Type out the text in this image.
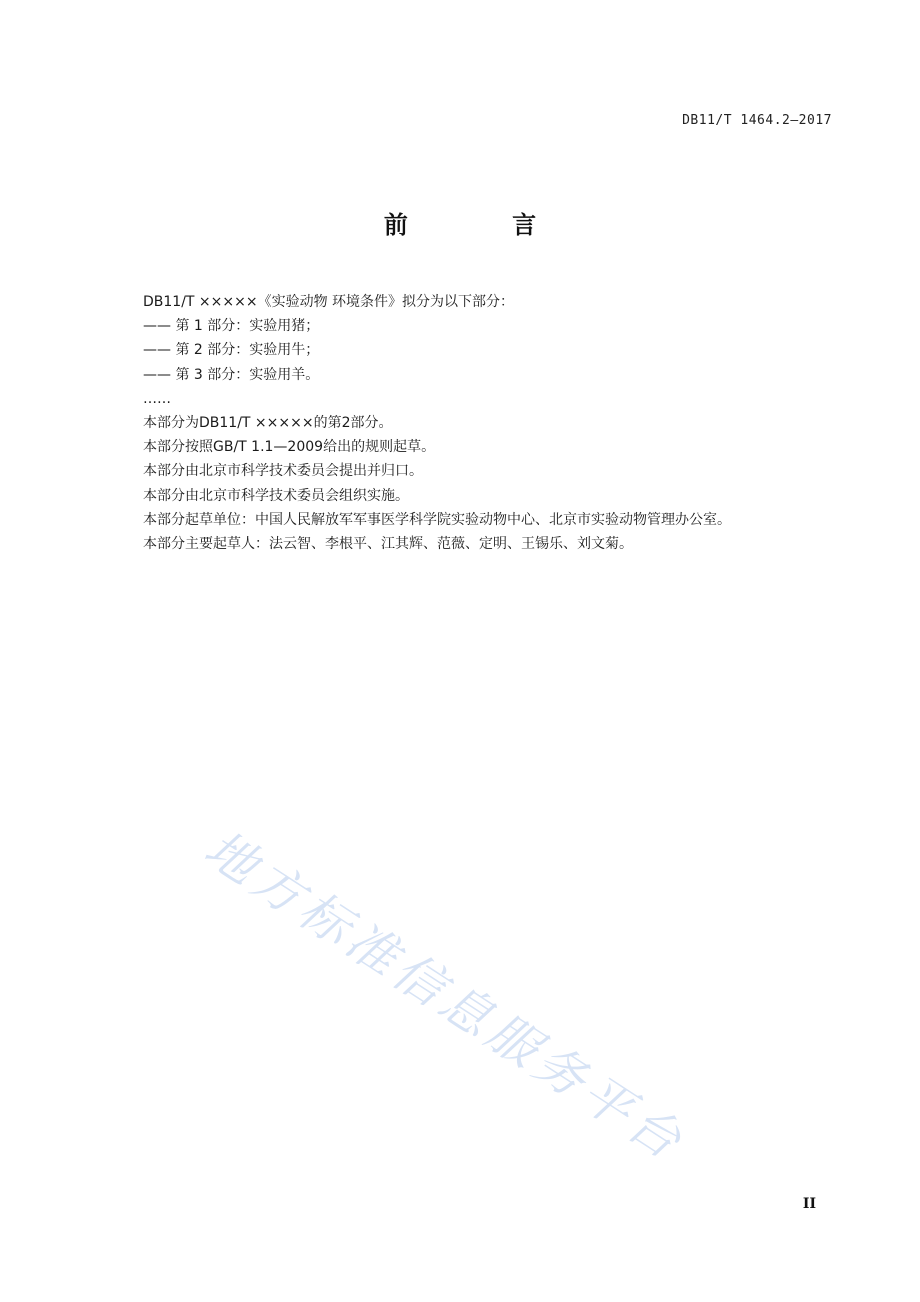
DB11/T 1464.2—2017
前 言
DB11/T ×××××《实验动物 环境条件》拟分为以下部分：
—— 第 1 部分：实验用猪；
—— 第 2 部分：实验用牛；
—— 第 3 部分：实验用羊。
……
本部分为DB11/T ×××××的第2部分。
本部分按照GB/T 1.1—2009给出的规则起草。
本部分由北京市科学技术委员会提出并归口。
本部分由北京市科学技术委员会组织实施。
本部分起草单位：中国人民解放军军事医学科学院实验动物中心、北京市实验动物管理办公室。
本部分主要起草人：法云智、李根平、江其辉、范薇、定明、王锡乐、刘文菊。
地方标准信息服务平台
II
